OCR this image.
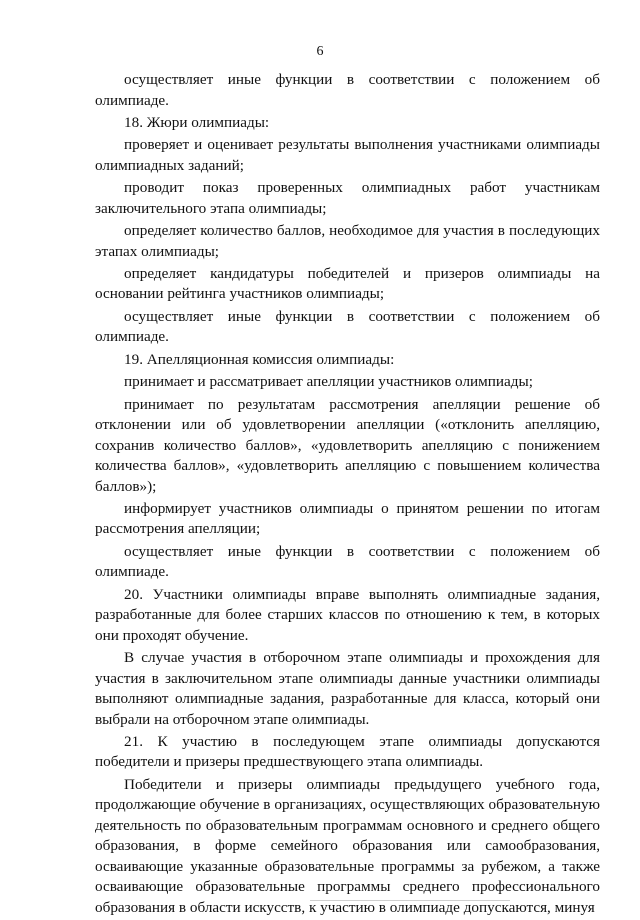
6

осуществляет иные функции в соответствии с положением об олимпиаде.

18. Жюри олимпиады:

проверяет и оценивает результаты выполнения участниками олимпиады олимпиадных заданий;

проводит показ проверенных олимпиадных работ участникам заключительного этапа олимпиады;

определяет количество баллов, необходимое для участия в последующих этапах олимпиады;

определяет кандидатуры победителей и призеров олимпиады на основании рейтинга участников олимпиады;

осуществляет иные функции в соответствии с положением об олимпиаде.

19. Апелляционная комиссия олимпиады:

принимает и рассматривает апелляции участников олимпиады;

принимает по результатам рассмотрения апелляции решение об отклонении или об удовлетворении апелляции («отклонить апелляцию, сохранив количество баллов», «удовлетворить апелляцию с понижением количества баллов», «удовлетворить апелляцию с повышением количества баллов»);

информирует участников олимпиады о принятом решении по итогам рассмотрения апелляции;

осуществляет иные функции в соответствии с положением об олимпиаде.

20. Участники олимпиады вправе выполнять олимпиадные задания, разработанные для более старших классов по отношению к тем, в которых они проходят обучение.

В случае участия в отборочном этапе олимпиады и прохождения для участия в заключительном этапе олимпиады данные участники олимпиады выполняют олимпиадные задания, разработанные для класса, который они выбрали на отборочном этапе олимпиады.

21. К участию в последующем этапе олимпиады допускаются победители и призеры предшествующего этапа олимпиады.

Победители и призеры олимпиады предыдущего учебного года, продолжающие обучение в организациях, осуществляющих образовательную деятельность по образовательным программам основного и среднего общего образования, в форме семейного образования или самообразования, осваивающие указанные образовательные программы за рубежом, а также осваивающие образовательные программы среднего профессионального образования в области искусств, к участию в олимпиаде допускаются, минуя
